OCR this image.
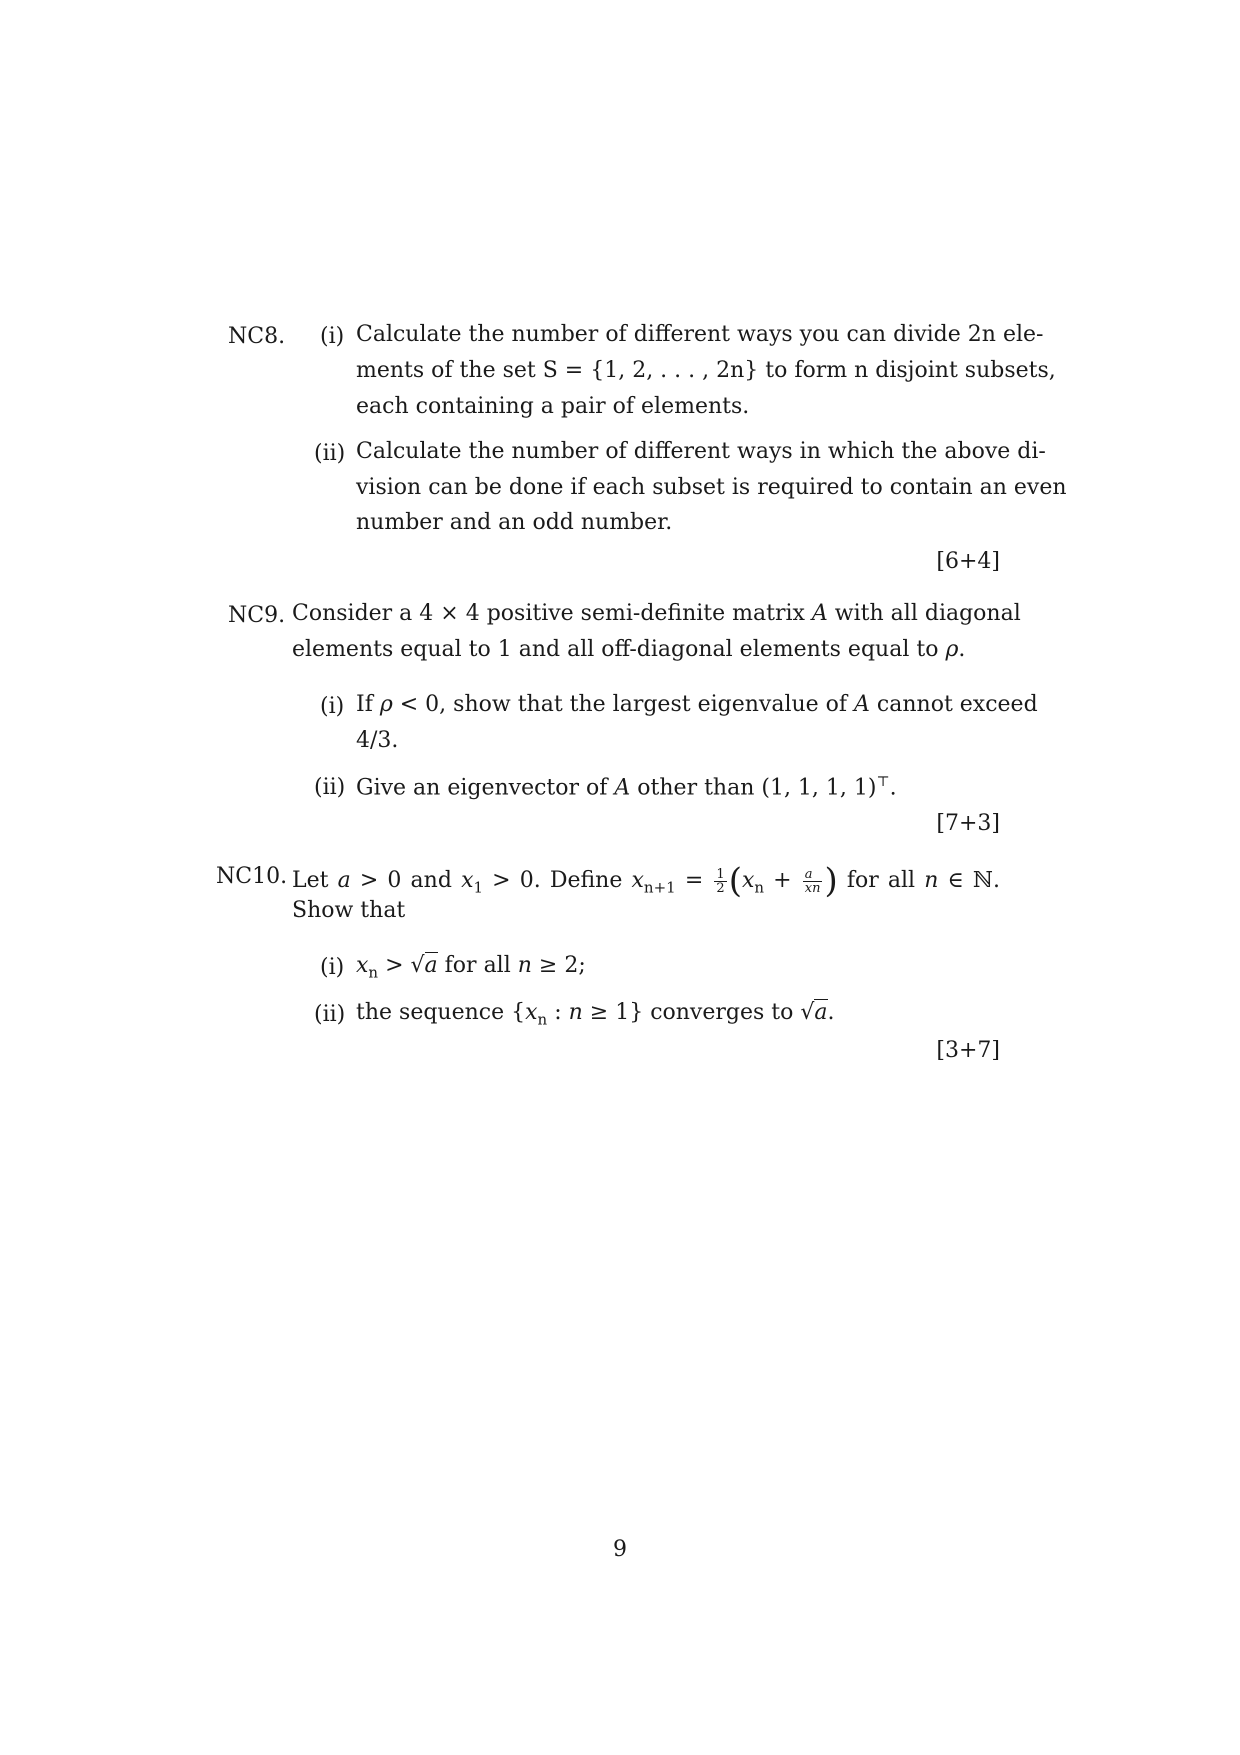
NC8. (i) Calculate the number of different ways you can divide 2n ele-
ments of the set S = {1, 2, . . . , 2n} to form n disjoint subsets,
each containing a pair of elements.
(ii) Calculate the number of different ways in which the above di-
vision can be done if each subset is required to contain an even
number and an odd number.
[6+4]
NC9. Consider a 4 × 4 positive semi-definite matrix A with all diagonal
elements equal to 1 and all off-diagonal elements equal to ρ.
(i) If ρ < 0, show that the largest eigenvalue of A cannot exceed
4/3.
(ii) Give an eigenvector of A other than (1, 1, 1, 1)⊤.
[7+3]
NC10. Let a > 0 and $x_1 > 0$. Define $x_{n+1} = \frac{1}{2} (x_n + \frac{a}{xn}$ ) for all n ∈ ℕ.
Show that
(i) $x_n > √a$ for all n ≥ 2;
(ii) the sequence {$x_n$ : n ≥ 1} converges to √a.
[3+7]
9
